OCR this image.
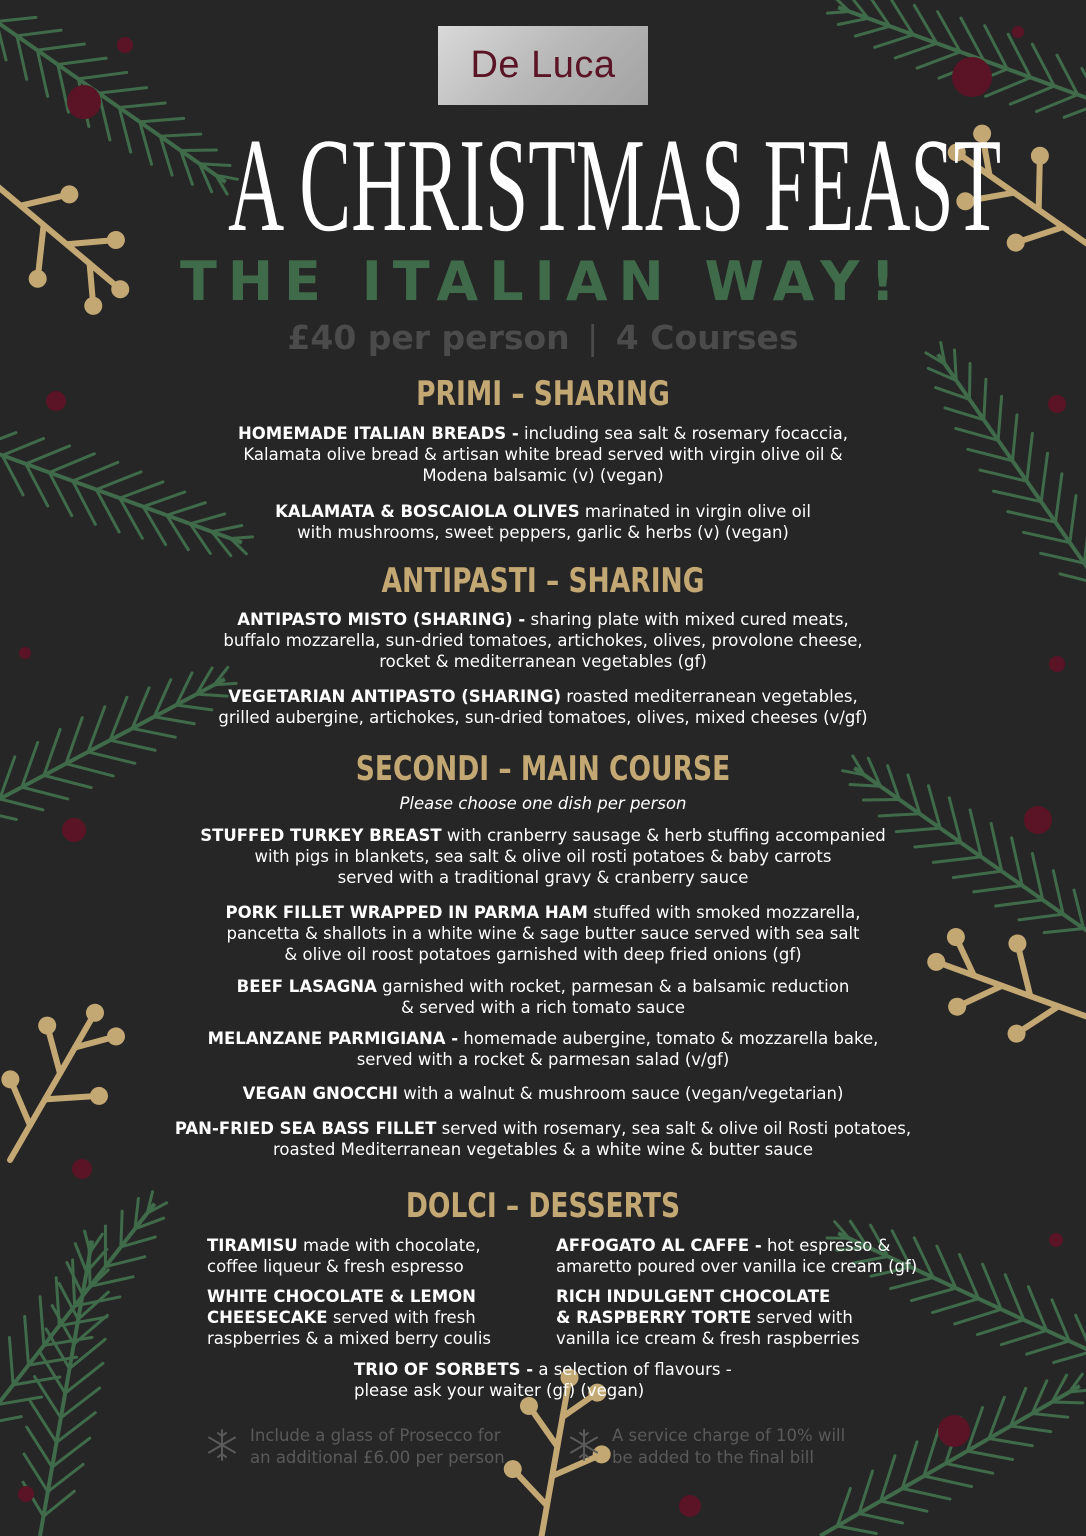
De Luca
A CHRISTMAS FEAST
THE ITALIAN WAY!
£40 per person | 4 Courses
PRIMI – SHARING
HOMEMADE ITALIAN BREADS - including sea salt & rosemary focaccia,
Kalamata olive bread & artisan white bread served with virgin olive oil &
Modena balsamic (v) (vegan)
KALAMATA & BOSCAIOLA OLIVES marinated in virgin olive oil
with mushrooms, sweet peppers, garlic & herbs (v) (vegan)
ANTIPASTI – SHARING
ANTIPASTO MISTO (SHARING) - sharing plate with mixed cured meats,
buffalo mozzarella, sun-dried tomatoes, artichokes, olives, provolone cheese,
rocket & mediterranean vegetables (gf)
VEGETARIAN ANTIPASTO (SHARING) roasted mediterranean vegetables,
grilled aubergine, artichokes, sun-dried tomatoes, olives, mixed cheeses (v/gf)
SECONDI – MAIN COURSE
Please choose one dish per person
STUFFED TURKEY BREAST with cranberry sausage & herb stuffing accompanied
with pigs in blankets, sea salt & olive oil rosti potatoes & baby carrots
served with a traditional gravy & cranberry sauce
PORK FILLET WRAPPED IN PARMA HAM stuffed with smoked mozzarella,
pancetta & shallots in a white wine & sage butter sauce served with sea salt
& olive oil roost potatoes garnished with deep fried onions (gf)
BEEF LASAGNA garnished with rocket, parmesan & a balsamic reduction
& served with a rich tomato sauce
MELANZANE PARMIGIANA - homemade aubergine, tomato & mozzarella bake,
served with a rocket & parmesan salad (v/gf)
VEGAN GNOCCHI with a walnut & mushroom sauce (vegan/vegetarian)
PAN-FRIED SEA BASS FILLET served with rosemary, sea salt & olive oil Rosti potatoes,
roasted Mediterranean vegetables & a white wine & butter sauce
DOLCI – DESSERTS
TIRAMISU made with chocolate,
coffee liqueur & fresh espresso
AFFOGATO AL CAFFE - hot espresso &
amaretto poured over vanilla ice cream (gf)
WHITE CHOCOLATE & LEMON
CHEESECAKE served with fresh
raspberries & a mixed berry coulis
RICH INDULGENT CHOCOLATE
& RASPBERRY TORTE served with
vanilla ice cream & fresh raspberries
TRIO OF SORBETS - a selection of flavours -
please ask your waiter (gf) (vegan)
Include a glass of Prosecco for
an additional £6.00 per person
A service charge of 10% will
be added to the final bill
